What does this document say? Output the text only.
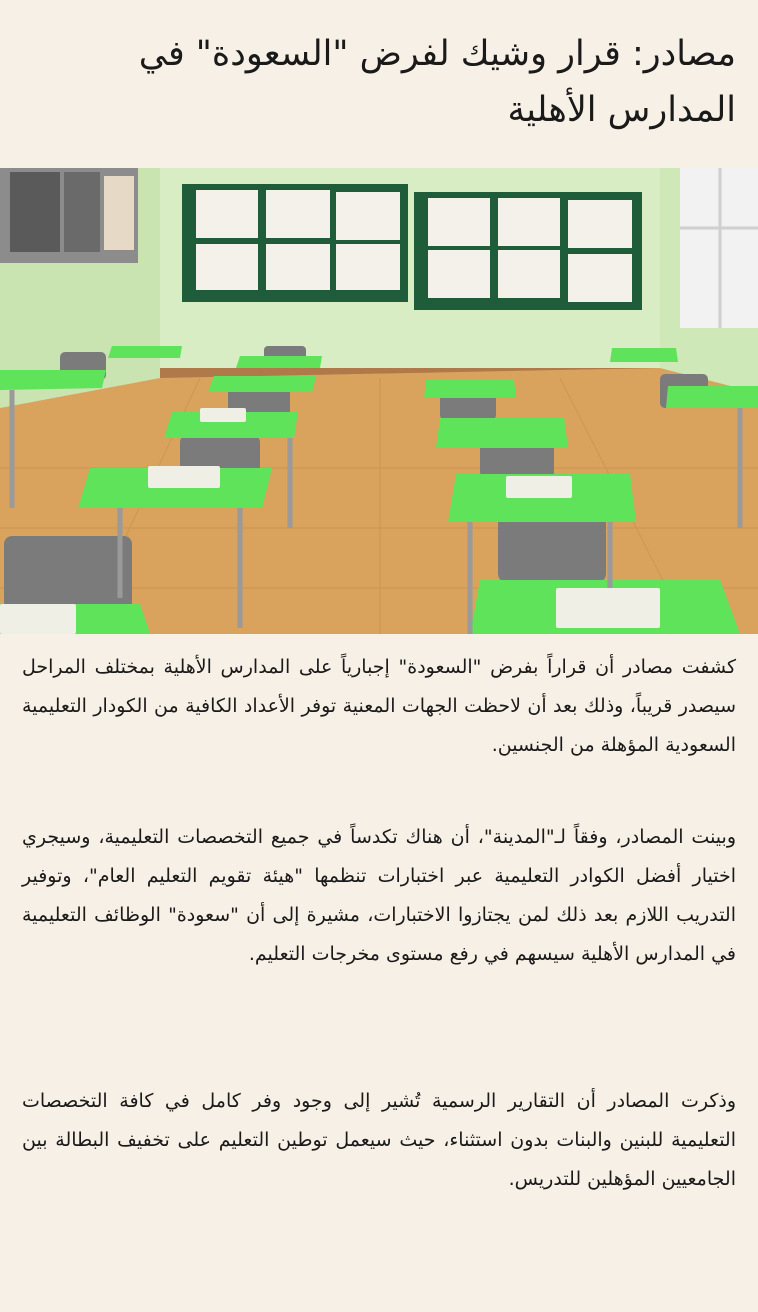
مصادر: قرار وشيك لفرض "السعودة" في المدارس الأهلية

كشفت مصادر أن قراراً بفرض "السعودة" إجبارياً على المدارس الأهلية بمختلف المراحل سيصدر قريباً، وذلك بعد أن لاحظت الجهات المعنية توفر الأعداد الكافية من الكودار التعليمية السعودية المؤهلة من الجنسين.

وبينت المصادر، وفقاً لـ"المدينة"، أن هناك تكدساً في جميع التخصصات التعليمية، وسيجري اختيار أفضل الكوادر التعليمية عبر اختبارات تنظمها "هيئة تقويم التعليم العام"، وتوفير التدريب اللازم بعد ذلك لمن يجتازوا الاختبارات، مشيرة إلى أن "سعودة" الوظائف التعليمية في المدارس الأهلية سيسهم في رفع مستوى مخرجات التعليم.

وذكرت المصادر أن التقارير الرسمية تُشير إلى وجود وفر كامل في كافة التخصصات التعليمية للبنين والبنات بدون استثناء، حيث سيعمل توطين التعليم على تخفيف البطالة بين الجامعيين المؤهلين للتدريس.
